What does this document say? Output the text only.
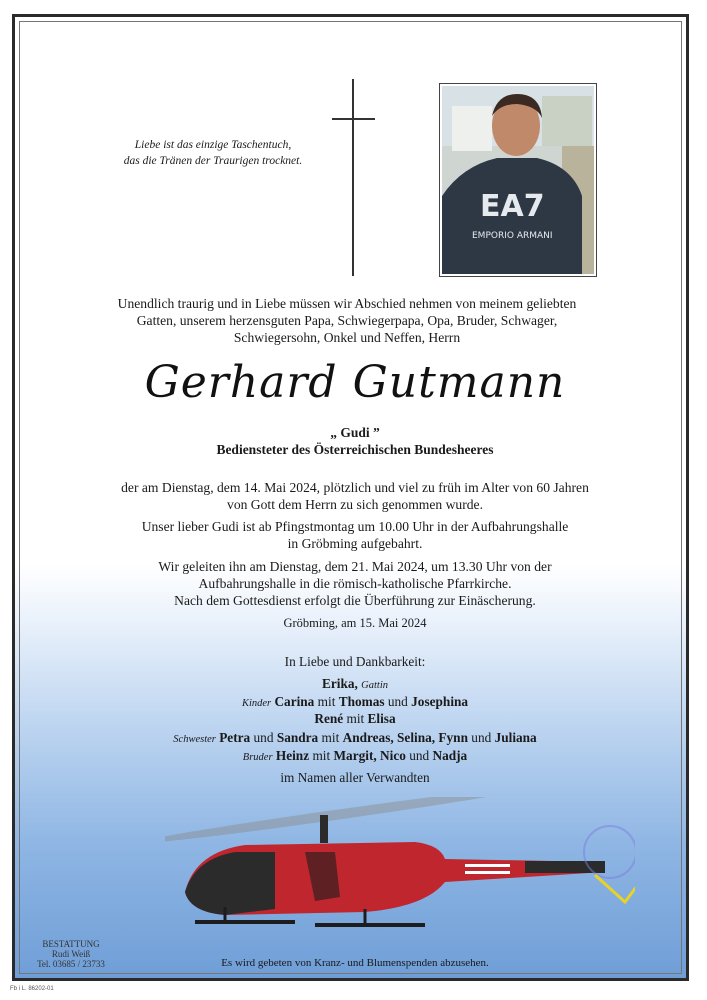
Liebe ist das einzige Taschentuch,
das die Tränen der Traurigen trocknet.
EA7
EMPORIO ARMANI
Unendlich traurig und in Liebe müssen wir Abschied nehmen von meinem geliebten
Gatten, unserem herzensguten Papa, Schwiegerpapa, Opa, Bruder, Schwager,
Schwiegersohn, Onkel und Neffen, Herrn
Gerhard Gutmann
„ Gudi ”
Bediensteter des Österreichischen Bundesheeres
der am Dienstag, dem 14. Mai 2024, plötzlich und viel zu früh im Alter von 60 Jahren
von Gott dem Herrn zu sich genommen wurde.
Unser lieber Gudi ist ab Pfingstmontag um 10.00 Uhr in der Aufbahrungshalle
in Gröbming aufgebahrt.
Wir geleiten ihn am Dienstag, dem 21. Mai 2024, um 13.30 Uhr von der
Aufbahrungshalle in die römisch-katholische Pfarrkirche.
Nach dem Gottesdienst erfolgt die Überführung zur Einäscherung.
Gröbming, am 15. Mai 2024
In Liebe und Dankbarkeit:
Erika, Gattin
Kinder Carina mit Thomas und Josephina
René mit Elisa
Schwester Petra und Sandra mit Andreas, Selina, Fynn und Juliana
Bruder Heinz mit Margit, Nico und Nadja
im Namen aller Verwandten
BESTATTUNG
Rudi Weiß
Tel. 03685 / 23733	Es wird gebeten von Kranz- und Blumenspenden abzusehen.
Fb i L. 86202-01
